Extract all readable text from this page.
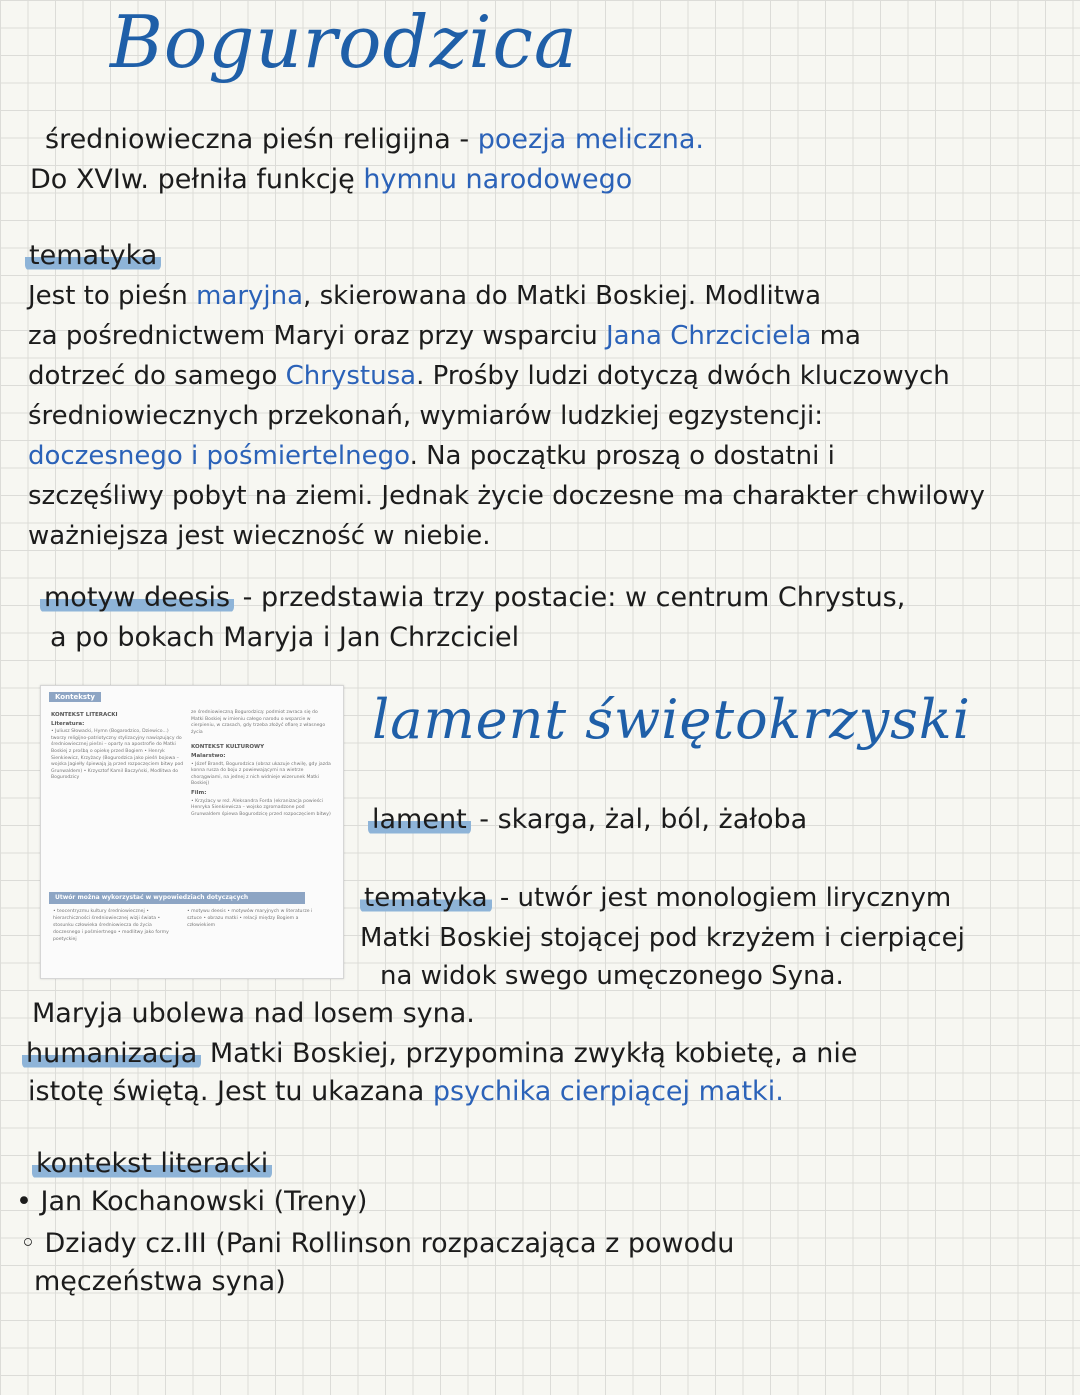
Bogurodzica
średniowieczna pieśn religijna - poezja meliczna.
Do XVIw. pełniła funkcję hymnu narodowego
tematyka
Jest to pieśn maryjna, skierowana do Matki Boskiej. Modlitwa
za pośrednictwem Maryi oraz przy wsparciu Jana Chrzciciela ma
dotrzeć do samego Chrystusa. Prośby ludzi dotyczą dwóch kluczowych
średniowiecznych przekonań, wymiarów ludzkiej egzystencji:
doczesnego i pośmiertelnego. Na początku proszą o dostatni i
szczęśliwy pobyt na ziemi. Jednak życie doczesne ma charakter chwilowy
ważniejsza jest wieczność w niebie.
motyw deesis - przedstawia trzy postacie: w centrum Chrystus,
a po bokach Maryja i Jan Chrzciciel
Konteksty
KONTEKST LITERACKI
Literatura:
• Juliusz Słowacki, Hymn (Bogarodzico, Dziewico...) tworzy religijno-patriotyczny stylizacyjny nawiązujący do średniowiecznej pieśni – oparty na apostrofie do Matki Boskiej z prośbą o opiekę przed Bogiem • Henryk Sienkiewicz, Krzyżacy (Bogurodzica jako pieśń bojowa – wojska Jagiełły śpiewają ją przed rozpoczęciem bitwy pod Grunwaldem) • Krzysztof Kamil Baczyński, Modlitwa do Bogurodzicy
ze średniowieczną Bogurodzicą: podmiot zwraca się do Matki Boskiej w imieniu całego narodu o wsparcie w cierpieniu, w czasach, gdy trzeba złożyć ofiarę z własnego życia
KONTEKST KULTUROWY
Malarstwo:
• Józef Brandt, Bogurodzica (obraz ukazuje chwilę, gdy jazda konna rusza do boju z powiewającymi na wietrze chorągwiami, na jednej z nich widnieje wizerunek Matki Boskiej)
Film:
• Krzyżacy w reż. Aleksandra Forda (ekranizacja powieści Henryka Sienkiewicza – wojsko zgromadzone pod Grunwaldem śpiewa Bogurodzicę przed rozpoczęciem bitwy)
Utwór można wykorzystać w wypowiedziach dotyczących
• teocentryzmu kultury średniowiecznej • hierarchiczności średniowiecznej wizji świata • stosunku człowieka średniowiecza do życia doczesnego i pośmiertnego • modlitwy jako formy poetyckiej
• motywu deesis • motywów maryjnych w literaturze i sztuce • obrazu matki • relacji między Bogiem a człowiekiem
lament świętokrzyski
lament - skarga, żal, ból, żałoba
tematyka - utwór jest monologiem lirycznym
Matki Boskiej stojącej pod krzyżem i cierpiącej
na widok swego umęczonego Syna.
Maryja ubolewa nad losem syna.
humanizacja Matki Boskiej, przypomina zwykłą kobietę, a nie
istotę świętą. Jest tu ukazana psychika cierpiącej matki.
kontekst literacki
• Jan Kochanowski (Treny)
◦ Dziady cz.III (Pani Rollinson rozpaczająca z powodu
męczeństwa syna)
